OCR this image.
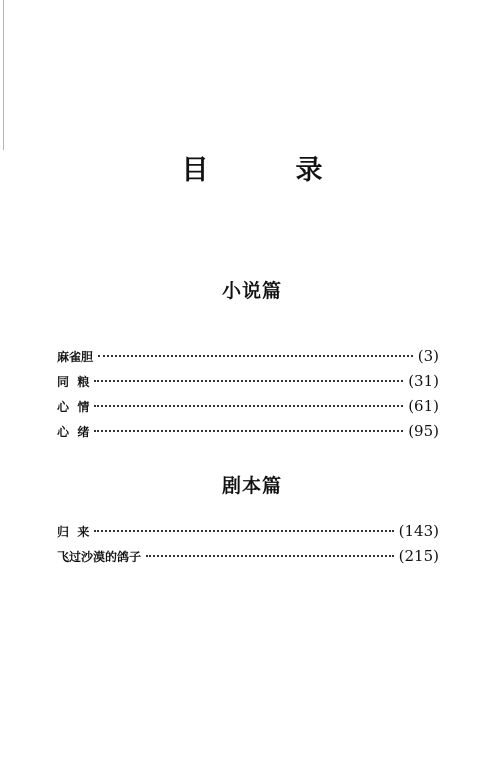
目　录
小说篇
麻雀胆	(3)
同  粮	(31)
心  情	(61)
心  绪	(95)
剧本篇
归  来	(143)
飞过沙漠的鸽子	(215)
